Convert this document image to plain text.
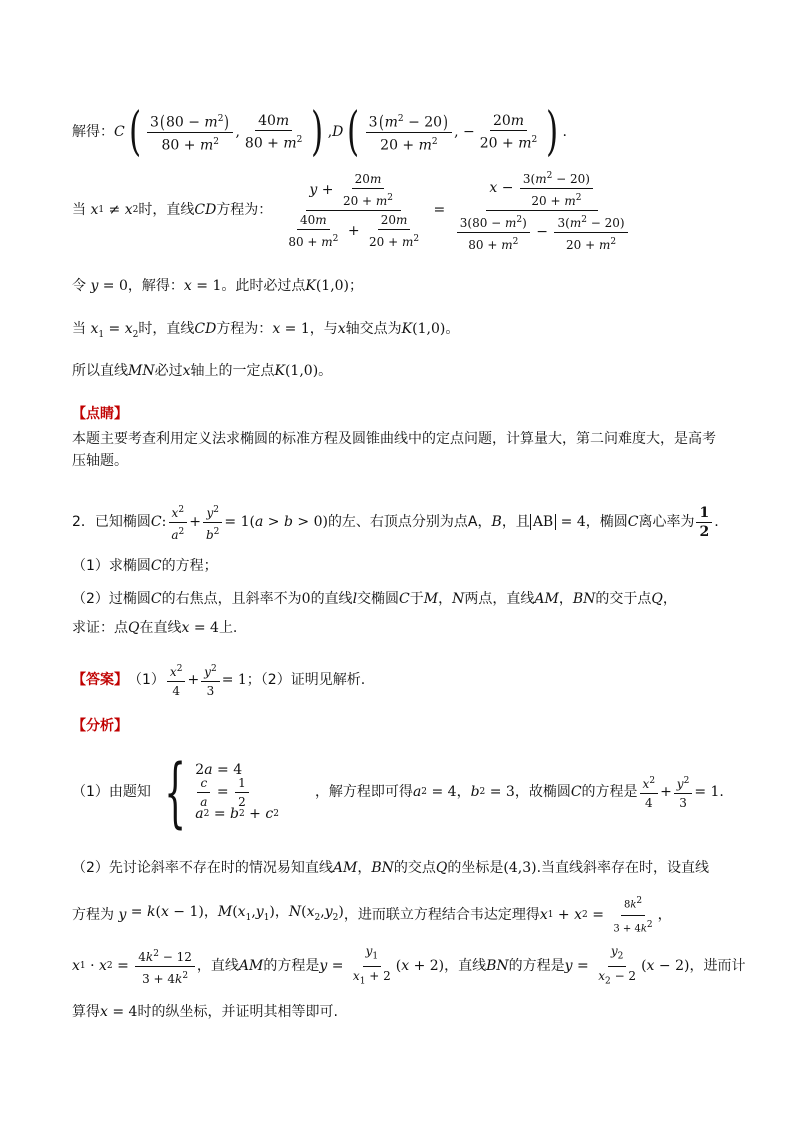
解得： C ( $\frac{3(80 - m^2)}{80 + m^2}$ , $\frac{40m}{80 + m^2}$ ) , D ( $\frac{3(m^2 - 20)}{20 + m^2}$ , − $\frac{20m}{20 + m^2}$ ) .
当 x 1 ≠ x 2 时，直线 CD 方程为： $\frac{y + \frac{20m}{20 + m^2}}{\frac{40m}{80 + m^2} + \frac{20m}{20 + m^2}} = \frac{x - \frac{3(m^2 - 20)}{20 + m^2}}{\frac{3(80 - m^2)}{80 + m^2} - \frac{3(m^2 - 20)}{20 + m^2}}$
令 y = 0，解得：x = 1。此时必过点K(1,0)；
当 $x_1 = x_2$时，直线CD方程为：x = 1，与x轴交点为K(1,0)。
所以直线MN必过x轴上的一定点K(1,0)。
【点睛】
本题主要考查利用定义法求椭圆的标准方程及圆锥曲线中的定点问题，计算量大，第二问难度大，是高考压轴题。
2．已知椭圆 C : $\frac{x^2}{a^2} + \frac{y^2}{b^2} = 1(a > b > 0)$ 的左、右顶点分别为点A， B ，且 AB = 4 ，椭圆 C 离心率为 $\frac{1}{2}$ .
（1）求椭圆C的方程；
（2）过椭圆C的右焦点，且斜率不为0的直线l交椭圆C于M，N两点，直线AM，BN的交于点Q，
求证：点Q在直线x = 4上.
【答案】 $(1) \frac{x^2}{4} + \frac{y^2}{3} = 1$ ；（2）证明见解析.
【分析】
（1）由题知 { 2 a = 4
$\frac{c}{a} = \frac{1}{2}$
a 2 = b 2 + c 2
，解方程即可得 a 2 = 4， b 2 = 3 ，故椭圆 C 的方程是 $\frac{x^2}{4} + \frac{y^2}{3} = 1$.
（2）先讨论斜率不存在时的情况易知直线AM，BN的交点Q的坐标是(4,3).当直线斜率存在时，设直线
方程为 y = k(x − 1)，$M(x_1,y_1)$，$N(x_2,y_2)$ ，进而联立方程结合韦达定理得 x 1 + x $2 = \frac{8k^2}{3 + 4k^2}$ ，
x 1 · x $2 = \frac{4k^2 - 12}{3 + 4k^2}$ ，直线 AM 的方程是 $y = \frac{y_1}{x_1 + 2} (x + 2)$ ，直线 BN 的方程是 $y = \frac{y_2}{x_2 - 2} (x - 2)$ ，进而计
算得x = 4时的纵坐标，并证明其相等即可.
